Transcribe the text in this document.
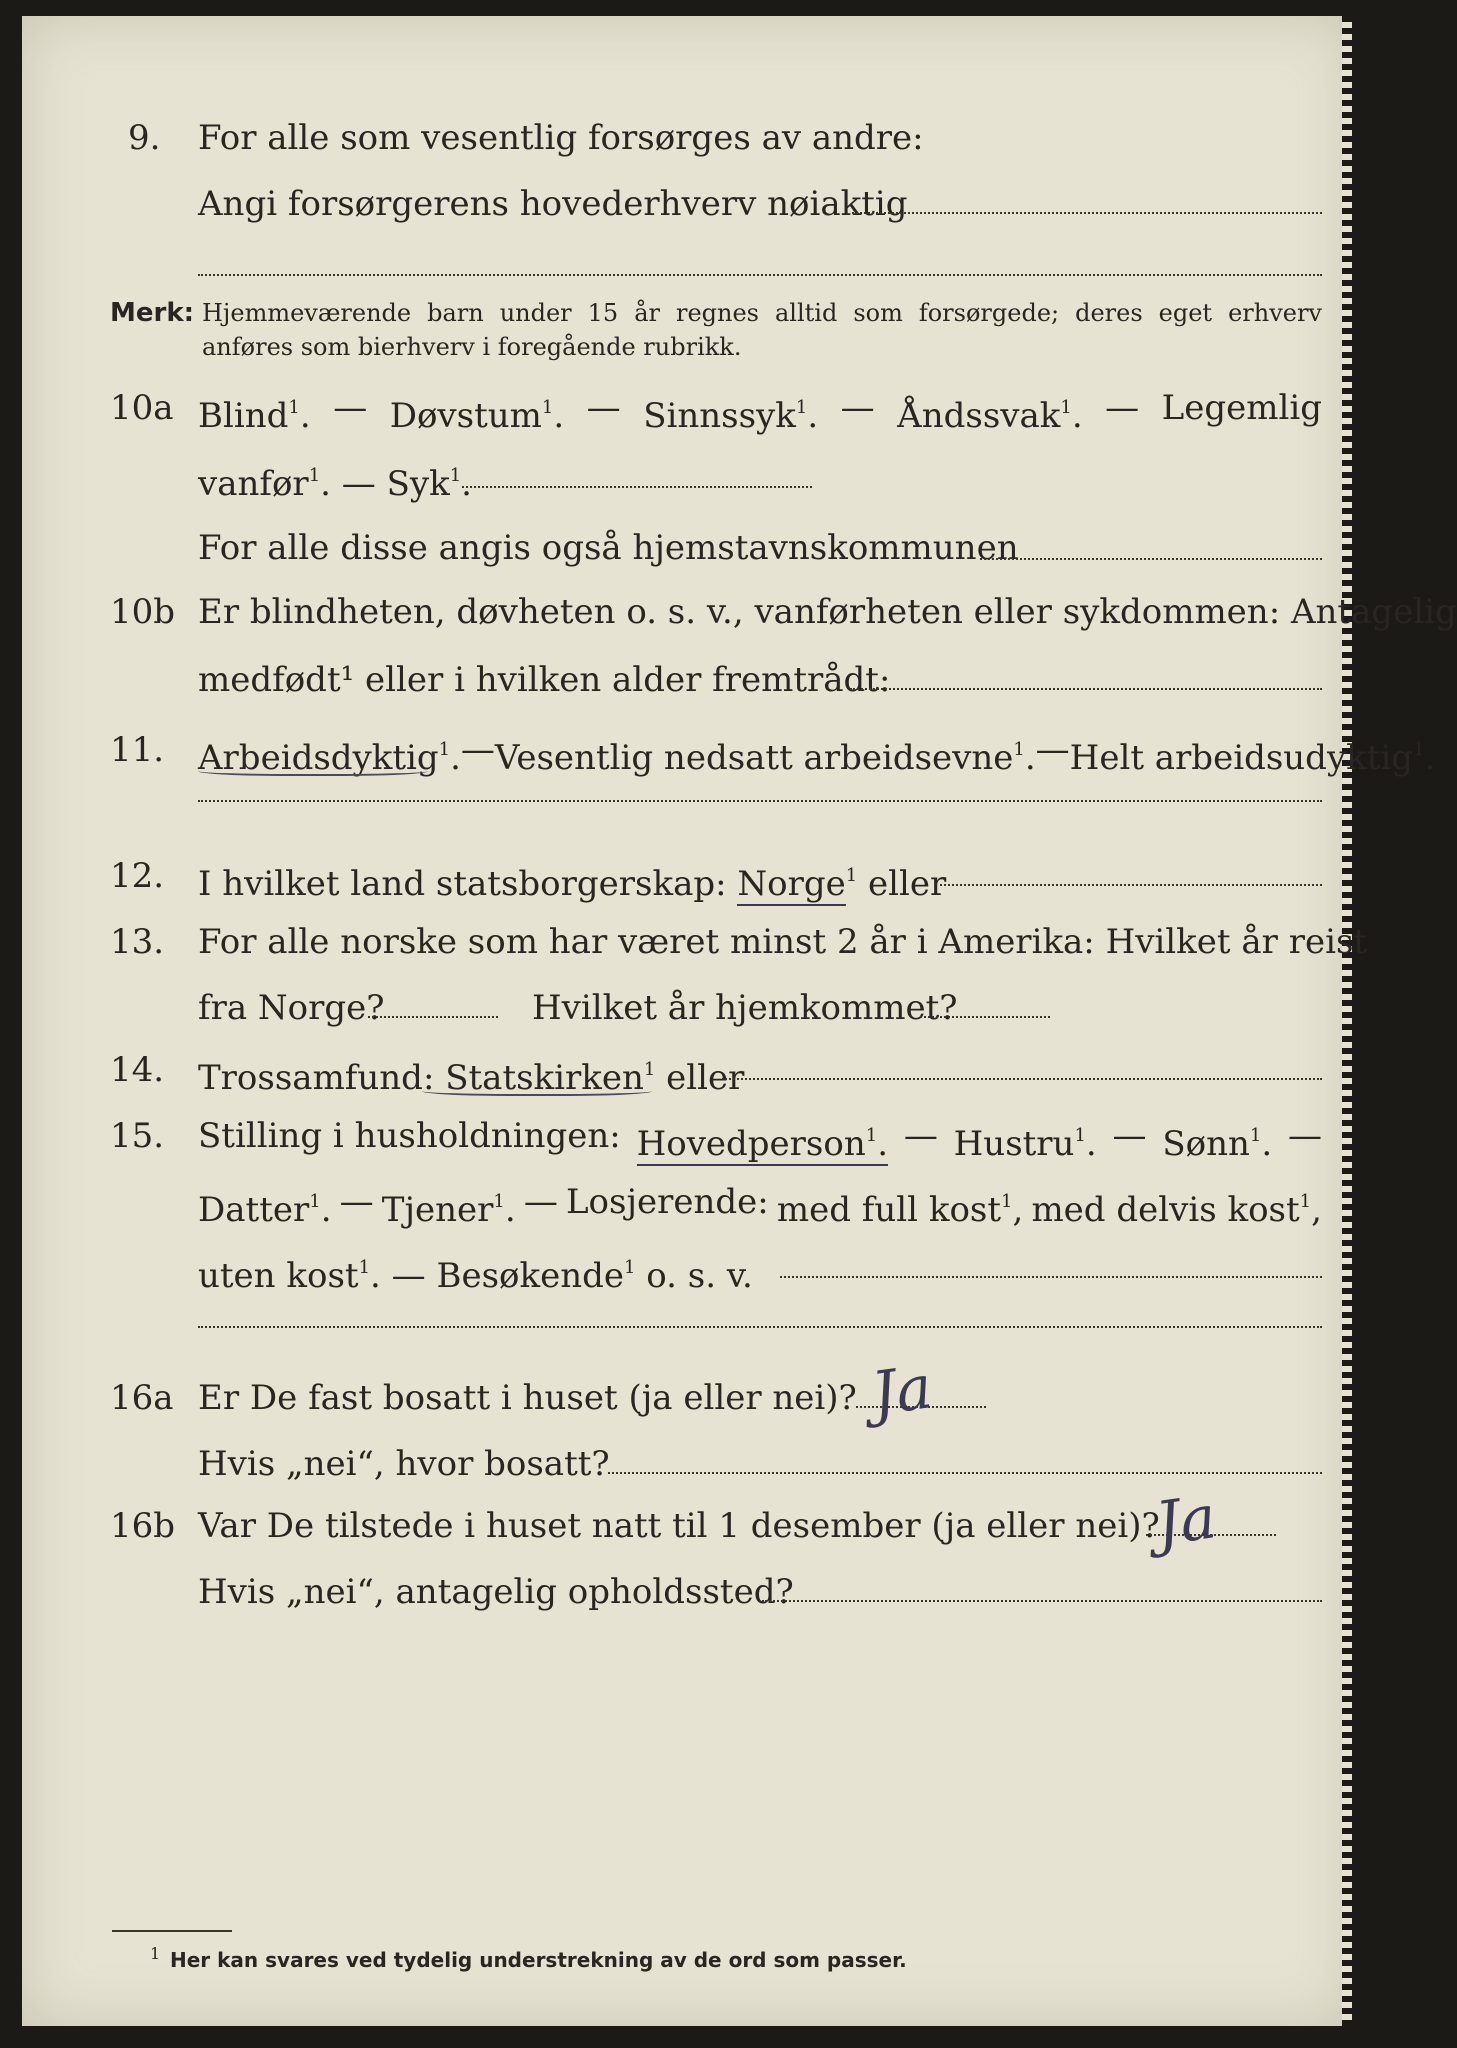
9. For alle som vesentlig forsørges av andre:
Angi forsørgerens hovederhverv nøiaktig
Merk: Hjemmeværende barn under 15 år regnes alltid som forsørgede; deres eget erhverv
anføres som bierhverv i foregående rubrikk.
10a Blind$^1$. — Døvstum$^1$. — Sinnssyk$^1$. — Åndssvak$^1$. — Legemlig
vanfør$^1$. — Syk$^1$.
For alle disse angis også hjemstavnskommunen
10b Er blindheten, døvheten o. s. v., vanførheten eller sykdommen: Antagelig
medfødt¹ eller i hvilken alder fremtrådt:
11. Arbeidsdyktig$^1$. — Vesentlig nedsatt arbeidsevne$^1$. — Helt arbeidsudyktig$^1$.
12. I hvilket land statsborgerskap: Norge$^1$ eller
13. For alle norske som har været minst 2 år i Amerika: Hvilket år reist
fra Norge?	Hvilket år hjemkommet?
14. Trossamfund: Statskirken$^1$ eller
15. Stilling i husholdningen: Hovedperson$^1$. — Hustru$^1$. — Sønn$^1$. —
Datter$^1$. — Tjener$^1$. — Losjerende: med full kost$^1$, med delvis kost$^1$,
uten kost$^1$. — Besøkende$^1$ o. s. v.
16a Er De fast bosatt i huset (ja eller nei)? Ja
Hvis „nei“, hvor bosatt?
16b Var De tilstede i huset natt til 1 desember (ja eller nei)?
Ja
Hvis „nei“, antagelig opholdssted?
Her kan svares ved tydelig understrekning av de ord som passer.
1
